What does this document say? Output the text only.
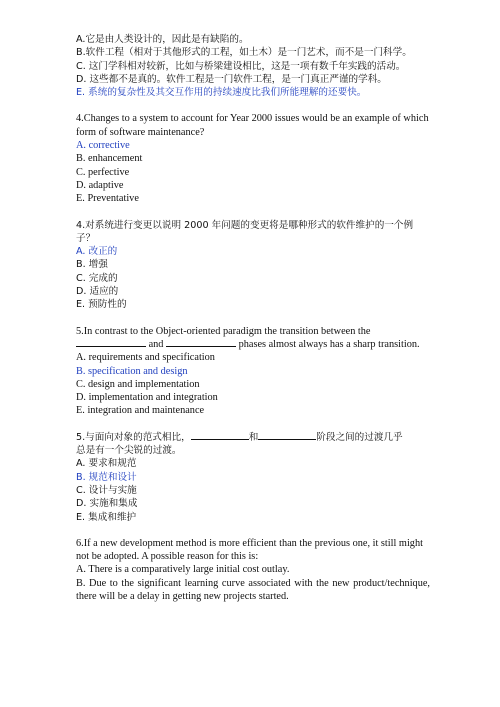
A.它是由人类设计的，因此是有缺陷的。
B.软件工程（相对于其他形式的工程，如土木）是一门艺术，而不是一门科学。
C. 这门学科相对较新，比如与桥梁建设相比，这是一项有数千年实践的活动。
D. 这些都不是真的。软件工程是一门软件工程，是一门真正严谨的学科。
E. 系统的复杂性及其交互作用的持续速度比我们所能理解的还要快。
4.Changes to a system to account for Year 2000 issues would be an example of which
form of software maintenance?
A. corrective
B. enhancement
C. perfective
D. adaptive
E. Preventative
4.对系统进行变更以说明 2000 年问题的变更将是哪种形式的软件维护的一个例
子？
A. 改正的
B. 增强
C. 完成的
D. 适应的
E. 预防性的
5.In contrast to the Object-oriented paradigm the transition between the
and	phases almost always has a sharp transition.
A. requirements and specification
B. specification and design
C. design and implementation
D. implementation and integration
E. integration and maintenance
5.与面向对象的范式相比，	和	阶段之间的过渡几乎
总是有一个尖锐的过渡。
A. 要求和规范
B. 规范和设计
C. 设计与实施
D. 实施和集成
E. 集成和维护
6.If a new development method is more efficient than the previous one, it still might
not be adopted. A possible reason for this is:
A. There is a comparatively large initial cost outlay.
B. Due to the significant learning curve associated with the new product/technique, there will be a delay in getting new projects started.
